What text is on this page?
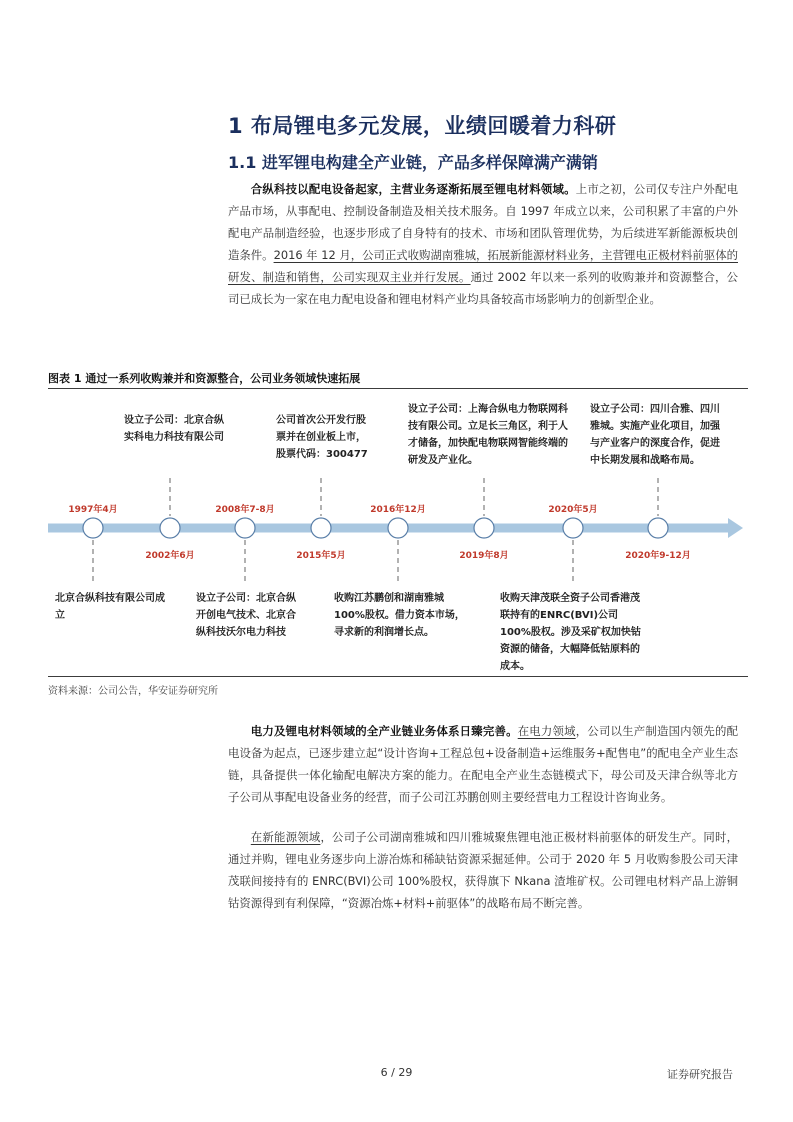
1 布局锂电多元发展，业绩回暖着力科研
1.1 进军锂电构建全产业链，产品多样保障满产满销

合纵科技以配电设备起家，主营业务逐渐拓展至锂电材料领域。上市之初，公司仅专注户外配电产品市场，从事配电、控制设备制造及相关技术服务。自 1997 年成立以来，公司积累了丰富的户外配电产品制造经验，也逐步形成了自身特有的技术、市场和团队管理优势，为后续进军新能源板块创造条件。2016 年 12 月，公司正式收购湖南雅城，拓展新能源材料业务，主营锂电正极材料前驱体的研发、制造和销售，公司实现双主业并行发展。通过 2002 年以来一系列的收购兼并和资源整合，公司已成长为一家在电力配电设备和锂电材料产业均具备较高市场影响力的创新型企业。

图表 1 通过一系列收购兼并和资源整合，公司业务领域快速拓展
1997年4月
2002年6月
2008年7-8月
2015年5月
2016年12月
2019年8月
2020年5月
2020年9-12月
北京合纵科技有限公司成立
设立子公司：北京合纵实科电力科技有限公司
设立子公司：北京合纵开创电气技术、北京合纵科技沃尔电力科技
公司首次公开发行股票并在创业板上市，股票代码：300477
收购江苏鹏创和湖南雅城100%股权。借力资本市场，寻求新的利润增长点。
设立子公司：上海合纵电力物联网科技有限公司。立足长三角区，利于人才储备，加快配电物联网智能终端的研发及产业化。
收购天津茂联全资子公司香港茂联持有的ENRC(BVI)公司100%股权。涉及采矿权加快钴资源的储备，大幅降低钴原料的成本。
设立子公司：四川合雅、四川雅城。实施产业化项目，加强与产业客户的深度合作，促进中长期发展和战略布局。
资料来源：公司公告，华安证券研究所

电力及锂电材料领域的全产业链业务体系日臻完善。在电力领域，公司以生产制造国内领先的配电设备为起点，已逐步建立起“设计咨询+工程总包+设备制造+运维服务+配售电”的配电全产业生态链，具备提供一体化输配电解决方案的能力。在配电全产业生态链模式下，母公司及天津合纵等北方子公司从事配电设备业务的经营，而子公司江苏鹏创则主要经营电力工程设计咨询业务。

在新能源领域，公司子公司湖南雅城和四川雅城聚焦锂电池正极材料前驱体的研发生产。同时，通过并购，锂电业务逐步向上游冶炼和稀缺钴资源采掘延伸。公司于 2020 年 5 月收购参股公司天津茂联间接持有的 ENRC(BVI)公司 100%股权，获得旗下 Nkana 渣堆矿权。公司锂电材料产品上游铜钴资源得到有利保障，“资源冶炼+材料+前驱体”的战略布局不断完善。

6 / 29	证券研究报告
